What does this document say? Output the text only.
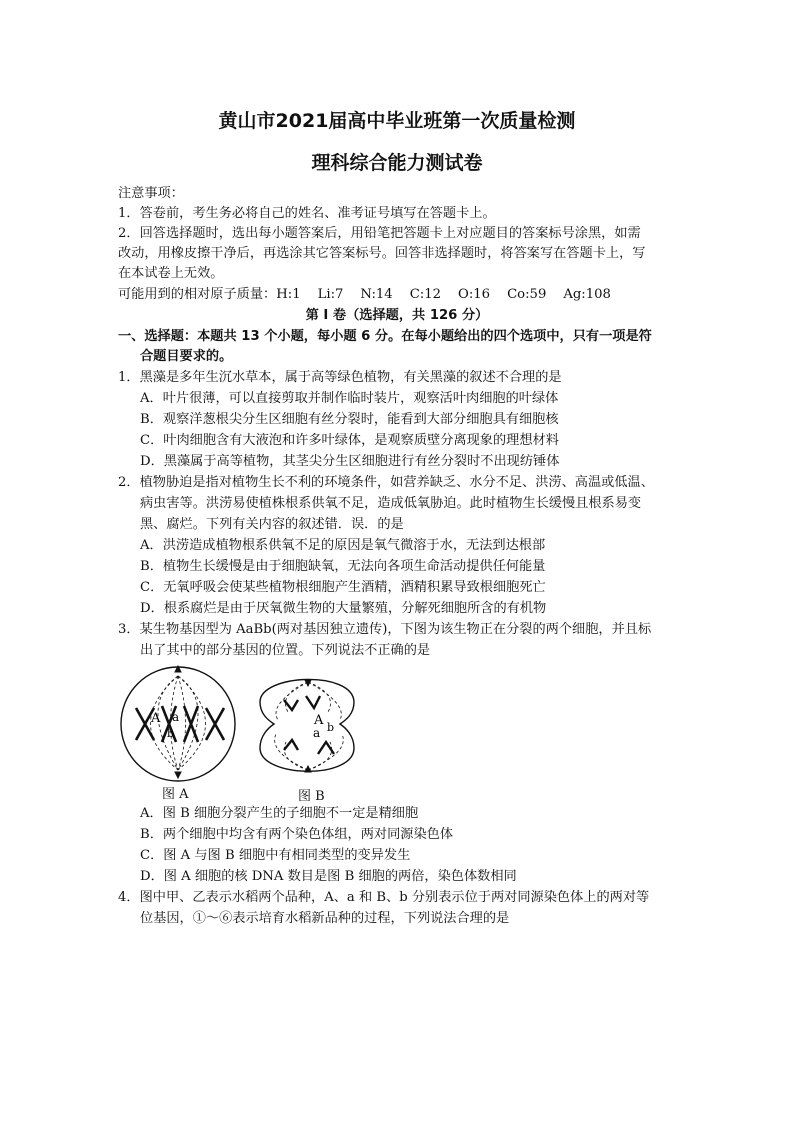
黄山市2021届高中毕业班第一次质量检测
理科综合能力测试卷
注意事项：
1．答卷前，考生务必将自己的姓名、准考证号填写在答题卡上。
2．回答选择题时，选出每小题答案后，用铅笔把答题卡上对应题目的答案标号涂黑，如需
改动，用橡皮擦干净后，再选涂其它答案标号。回答非选择题时，将答案写在答题卡上，写
在本试卷上无效。
可能用到的相对原子质量：H:1 Li:7 N:14 C:12 O:16 Co:59 Ag:108
第 I 卷（选择题，共 126 分）
一、选择题：本题共 13 个小题，每小题 6 分。在每小题给出的四个选项中，只有一项是符
合题目要求的。
1．黑藻是多年生沉水草本，属于高等绿色植物，有关黑藻的叙述不合理的是
A．叶片很薄，可以直接剪取并制作临时装片，观察活叶肉细胞的叶绿体
B．观察洋葱根尖分生区细胞有丝分裂时，能看到大部分细胞具有细胞核
C．叶肉细胞含有大液泡和许多叶绿体，是观察质壁分离现象的理想材料
D．黑藻属于高等植物，其茎尖分生区细胞进行有丝分裂时不出现纺锤体
2．植物胁迫是指对植物生长不利的环境条件，如营养缺乏、水分不足、洪涝、高温或低温、
病虫害等。洪涝易使植株根系供氧不足，造成低氧胁迫。此时植物生长缓慢且根系易变
黑、腐烂。下列有关内容的叙述错．误．的是
A．洪涝造成植物根系供氧不足的原因是氧气微溶于水，无法到达根部
B．植物生长缓慢是由于细胞缺氧，无法向各项生命活动提供任何能量
C．无氧呼吸会使某些植物根细胞产生酒精，酒精积累导致根细胞死亡
D．根系腐烂是由于厌氧微生物的大量繁殖，分解死细胞所含的有机物
3．某生物基因型为 AaBb(两对基因独立遗传)，下图为该生物正在分裂的两个细胞，并且标
出了其中的部分基因的位置。下列说法不正确的是
A a
b
A
a b
图 A	图 B
A．图 B 细胞分裂产生的子细胞不一定是精细胞
B．两个细胞中均含有两个染色体组，两对同源染色体
C．图 A 与图 B 细胞中有相同类型的变异发生
D．图 A 细胞的核 DNA 数目是图 B 细胞的两倍，染色体数相同
4．图中甲、乙表示水稻两个品种，A、a 和 B、b 分别表示位于两对同源染色体上的两对等
位基因，①～⑥表示培育水稻新品种的过程，下列说法合理的是
